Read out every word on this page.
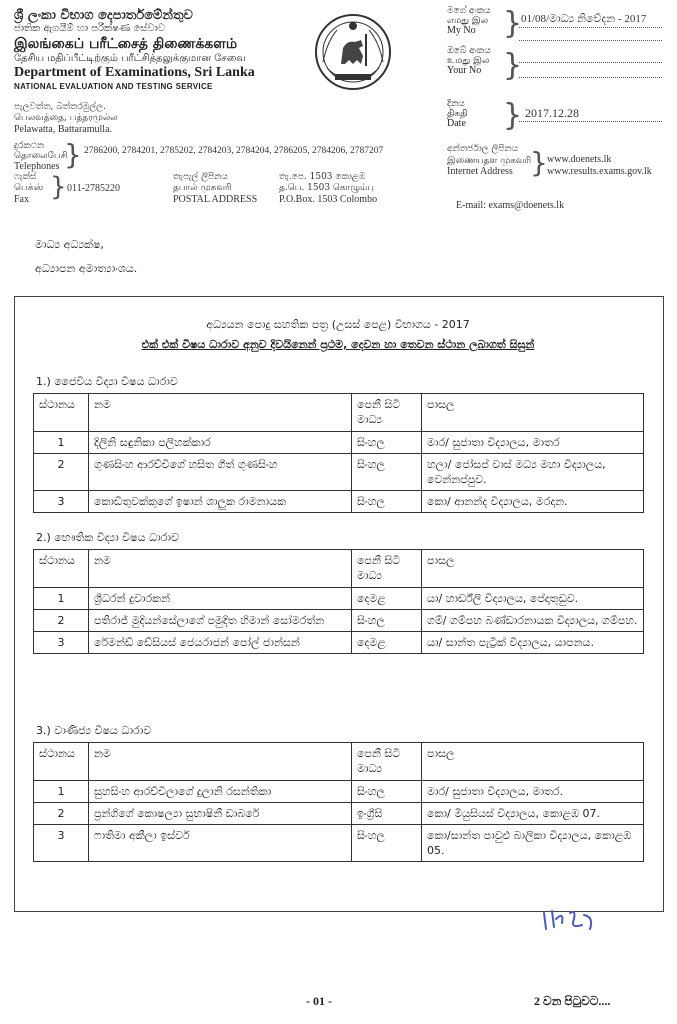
ශ්‍රී ලංකා විභාග දෙපාර්තමේන්තුව
ජාතික ඇගයීම් හා පරීක්ෂණ සේවාව
இலங்கைப் பரீட்சைத் திணைக்களம்
தேசிய மதிப்பீட்டிற்கும் பரீட்சித்தலுக்குமான சேவை
Department of Examinations, Sri Lanka
NATIONAL EVALUATION AND TESTING SERVICE
මගේ අංකය
எமது இல
My No }
01/08/මාධ්‍ය නිවේදන - 2017
ඔබේ අංකය
உமது இல
Your No }
දිනය
திகதி
Date } 2017.12.28
පැලවත්ත, බත්තරමුල්ල.
பெலவத்தை, பத்தரமுல்ல
Pelawatta, Battaramulla.
දුරකථන
தொலைபேசி
Telephones } 2786200, 2784201, 2785202, 2784203, 2784204, 2786205, 2784206, 2787207
ෆැක්ස්
பெக்ஸ்
Fax } 011-2785220
තැපැල් ලිපිනය
தபால் முகவரி
POSTAL ADDRESS
තැ.පෙ. 1503 කොළඹ
த.பெ. 1503 கொழும்பு
P.O.Box. 1503 Colombo
අන්තර්ජාල ලිපිනය
இணையதள முகவரி
Internet Address } www.doenets.lk
www.results.exams.gov.lk
E-mail: exams@doenets.lk
මාධ්‍ය අධ්‍යක්ෂ,
අධ්‍යාපන අමාත්‍යාංශය.
අධ්‍යයන පොදු සහතික පත්‍ර (උසස් පෙළ) විභාගය - 2017
එක් එක් විෂය ධාරාව අනුව දිවයිනෙන් ප්‍රථම, දෙවන හා තෙවන ස්ථාන ලබාගත් සිසුන්
1.) ජෛවීය විද්‍යා විෂය ධාරාව
ස්ථානය	නම	පෙනී සිටි මාධ්‍ය	පාසල
1	දිලිනි සඳුනිකා පලිහක්කාර	සිංහල	මාර/ සුජාතා විද්‍යාලය, මාතර
2	ගුණසිංහ ආරච්චිගේ හසිත ගීත් ගුණසිංහ	සිංහල	හලා/ ජෝසප් වාස් මධ්‍ය මහා විද්‍යාලය, වෙන්නප්පුව.
3	කොඩිතුවක්කුගේ ඉෂාන් ශාලුක රාමනායක	සිංහල	කො/ ආනන්ද විද්‍යාලය, මරදාන.
2.) භෞතික විද්‍යා විෂය ධාරාව
ස්ථානය	නම	පෙනී සිටි මාධ්‍ය	පාසල
1	ශ්‍රීධරන් දුවාරකන්	දෙමළ	යා/ හාර්ඩ්ලි විද්‍යාලය, පේද්‍රුතුඩුව.
2	පතිරාජ් මුදියන්සේලාගේ පමුදිත හිමාන් සෝමරත්න	සිංහල	ගම්/ ගම්පහ බණ්ඩාරනායක විද්‍යාලය, ගම්පහ.
3	රේමන්ඩ් ඩේසියස් ජෙයරාජන් පෝල් ජාන්සන්	දෙමළ	යා/ සාන්ත පැට්‍රික් විද්‍යාලය, යාපනය.
3.) වාණිජ්‍ය විෂය ධාරාව
ස්ථානය	නම	පෙනී සිටි මාධ්‍ය	පාසල
1	සුහසිංහ ආරච්චිලාගේ දුලානි රසන්තිකා	සිංහල	මාර/ සුජාතා විද්‍යාලය, මාතර.
2	ප්‍රන්ගිගේ කොෂල්‍යා සුභාෂිනී ඩාබරේ	ඉංග්‍රීසි	කො/ මියුසියස් විද්‍යාලය, කොළඹ 07.
3	ෆාතිමා අකීලා ඉස්වර්	සිංහල	කො/සාන්ත පාවුළු බාලිකා විද්‍යාලය, කොළඹ 05.
- 01 -	2 වන පිටුවට....
